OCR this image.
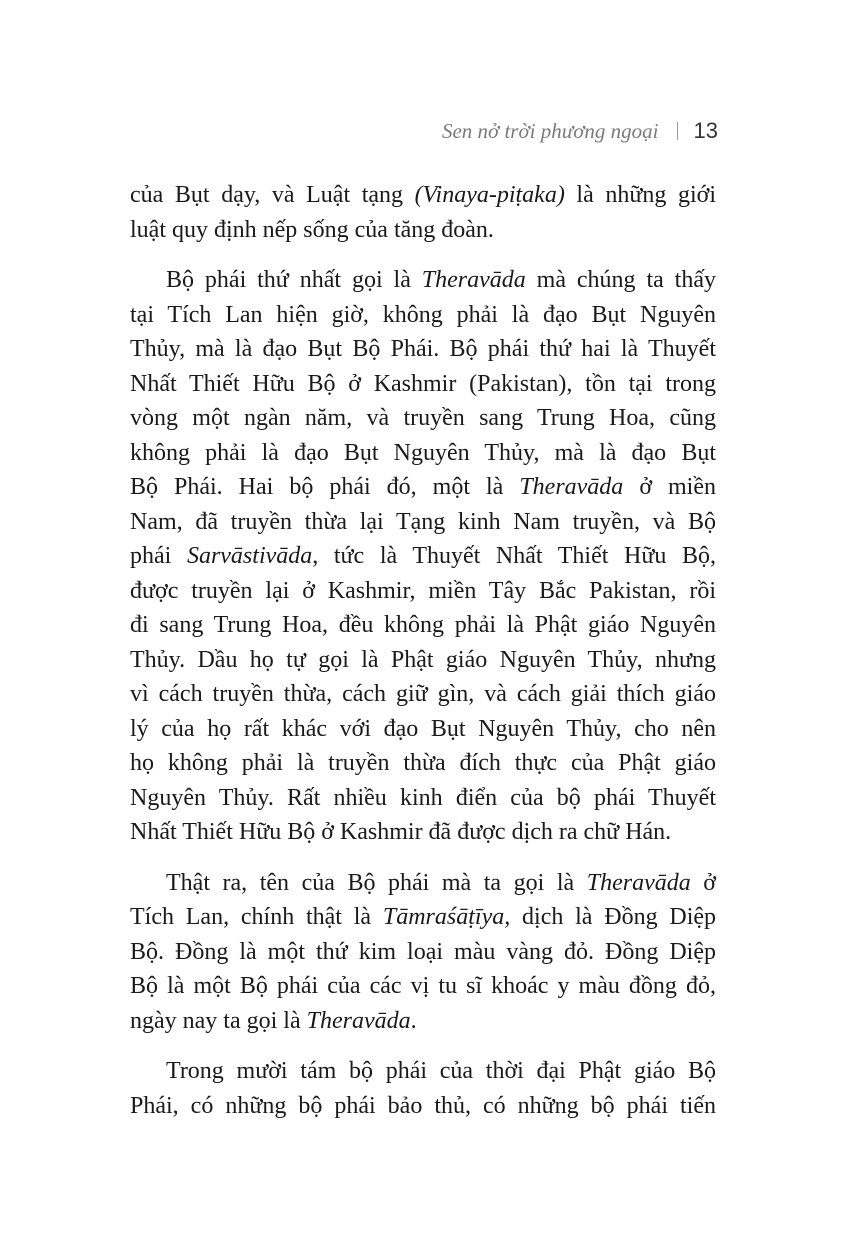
Sen nở trời phương ngoại 13
của Bụt dạy, và Luật tạng (Vinaya-piṭaka) là những giới
luật quy định nếp sống của tăng đoàn.
Bộ phái thứ nhất gọi là Theravāda mà chúng ta thấy
tại Tích Lan hiện giờ, không phải là đạo Bụt Nguyên
Thủy, mà là đạo Bụt Bộ Phái. Bộ phái thứ hai là Thuyết
Nhất Thiết Hữu Bộ ở Kashmir (Pakistan), tồn tại trong
vòng một ngàn năm, và truyền sang Trung Hoa, cũng
không phải là đạo Bụt Nguyên Thủy, mà là đạo Bụt
Bộ Phái. Hai bộ phái đó, một là Theravāda ở miền
Nam, đã truyền thừa lại Tạng kinh Nam truyền, và Bộ
phái Sarvāstivāda, tức là Thuyết Nhất Thiết Hữu Bộ,
được truyền lại ở Kashmir, miền Tây Bắc Pakistan, rồi
đi sang Trung Hoa, đều không phải là Phật giáo Nguyên
Thủy. Dầu họ tự gọi là Phật giáo Nguyên Thủy, nhưng
vì cách truyền thừa, cách giữ gìn, và cách giải thích giáo
lý của họ rất khác với đạo Bụt Nguyên Thủy, cho nên
họ không phải là truyền thừa đích thực của Phật giáo
Nguyên Thủy. Rất nhiều kinh điển của bộ phái Thuyết
Nhất Thiết Hữu Bộ ở Kashmir đã được dịch ra chữ Hán.
Thật ra, tên của Bộ phái mà ta gọi là Theravāda ở
Tích Lan, chính thật là Tāmraśāṭīya, dịch là Đồng Diệp
Bộ. Đồng là một thứ kim loại màu vàng đỏ. Đồng Diệp
Bộ là một Bộ phái của các vị tu sĩ khoác y màu đồng đỏ,
ngày nay ta gọi là Theravāda.
Trong mười tám bộ phái của thời đại Phật giáo Bộ
Phái, có những bộ phái bảo thủ, có những bộ phái tiến
